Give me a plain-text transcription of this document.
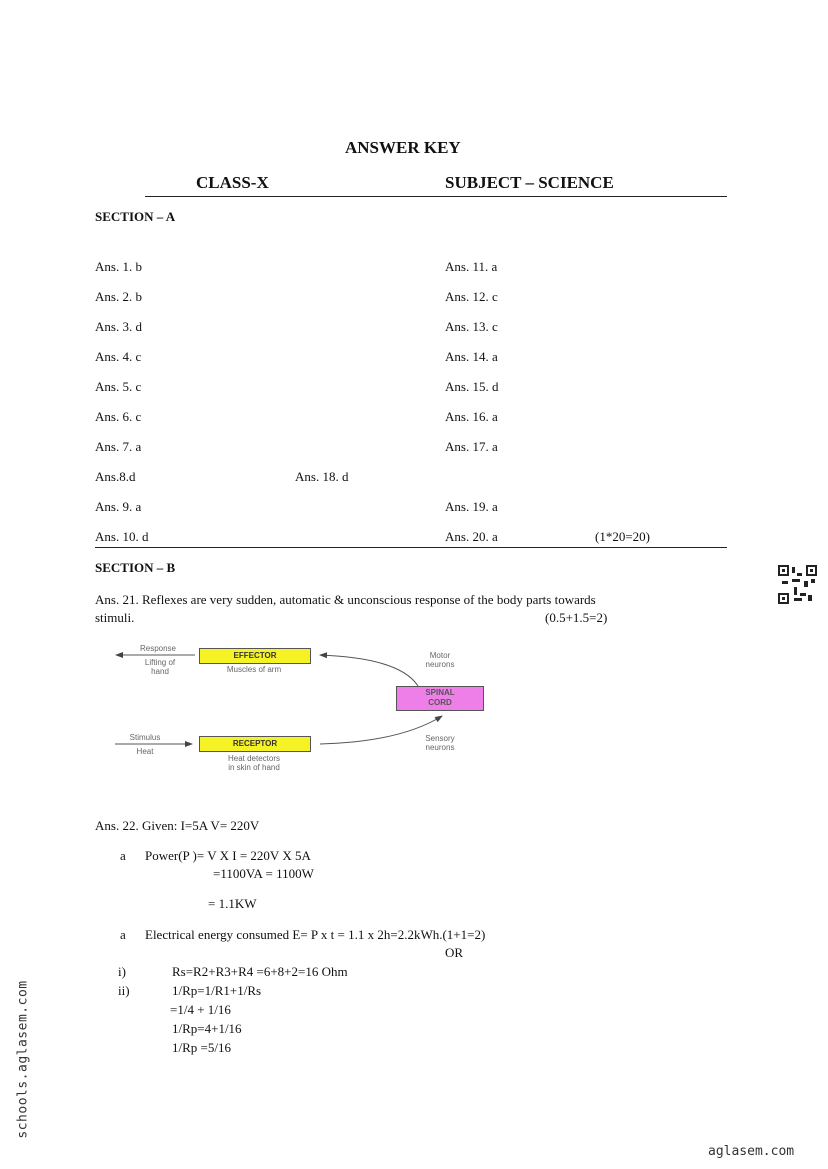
ANSWER KEY
CLASS-X	SUBJECT – SCIENCE
SECTION – A
Ans. 1. b	Ans. 11. a
Ans. 2. b	Ans. 12. c
Ans. 3. d	Ans. 13. c
Ans. 4. c	Ans. 14. a
Ans. 5. c	Ans. 15. d
Ans. 6. c	Ans. 16. a
Ans. 7. a	Ans. 17. a
Ans.8.d	Ans. 18. d
Ans. 9. a	Ans. 19. a
Ans. 10. d	Ans. 20. a	(1*20=20)
SECTION – B
Ans. 21. Reflexes are very sudden, automatic & unconscious response of the body parts towards
stimuli.	(0.5+1.5=2)
EFFECTOR
RECEPTOR
SPINAL
CORD
Response
Lifting of
hand	Muscles of arm
Motor
neurons
Stimulus
Heat
Heat detectors
in skin of hand
Sensory
neurons
Ans. 22. Given: I=5A V= 220V
a Power(P )= V X I = 220V X 5A
=1100VA = 1100W
= 1.1KW
a Electrical energy consumed E= P x t = 1.1 x 2h=2.2kWh.(1+1=2)
OR
i)	Rs=R2+R3+R4 =6+8+2=16 Ohm
ii)	1/Rp=1/R1+1/Rs
=1/4 + 1/16
1/Rp=4+1/16
1/Rp =5/16
schools.aglasem.com
aglasem.com
